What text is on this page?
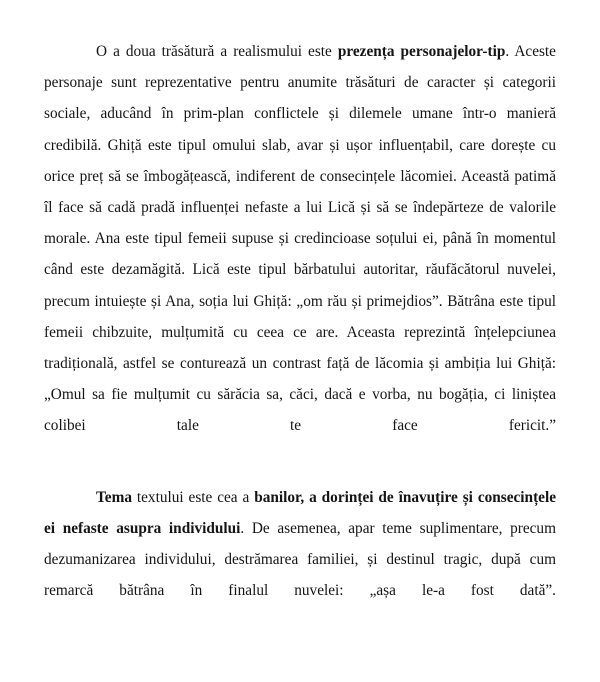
O a doua trăsătură a realismului este prezența personajelor-tip. Aceste personaje sunt reprezentative pentru anumite trăsături de caracter și categorii sociale, aducând în prim-plan conflictele și dilemele umane într-o manieră credibilă. Ghiță este tipul omului slab, avar și ușor influențabil, care dorește cu orice preț să se îmbogățească, indiferent de consecințele lăcomiei. Această patimă îl face să cadă pradă influenței nefaste a lui Lică și să se îndepărteze de valorile morale. Ana este tipul femeii supuse și credincioase soțului ei, până în momentul când este dezamăgită. Lică este tipul bărbatului autoritar, răufăcătorul nuvelei, precum intuiește și Ana, soția lui Ghiță: „om rău și primejdios”. Bătrâna este tipul femeii chibzuite, mulțumită cu ceea ce are. Aceasta reprezintă înțelepciunea tradițională, astfel se conturează un contrast față de lăcomia și ambiția lui Ghiță: „Omul sa fie mulțumit cu sărăcia sa, căci, dacă e vorba, nu bogăția, ci liniștea colibei tale te face fericit.”

Tema textului este cea a banilor, a dorinței de înavuțire și consecințele ei nefaste asupra individului. De asemenea, apar teme suplimentare, precum dezumanizarea individului, destrămarea familiei, și destinul tragic, după cum remarcă bătrâna în finalul nuvelei: „așa le-a fost dată”.
